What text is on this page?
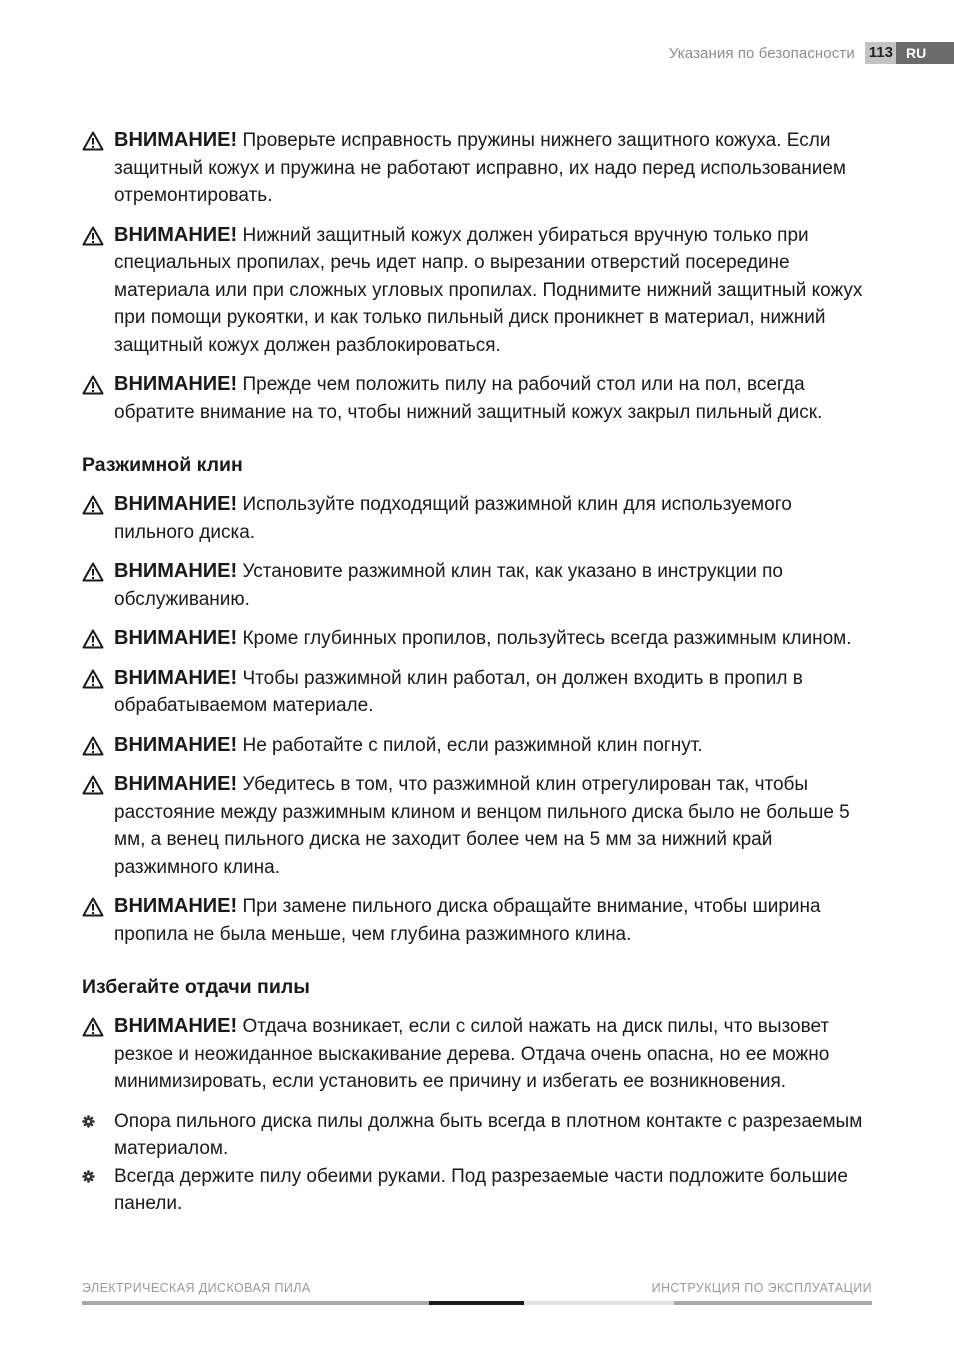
Указания по безопасности 113 RU
ВНИМАНИЕ! Проверьте исправность пружины нижнего защитного кожуха. Если защитный кожух и пружина не работают исправно, их надо перед использованием отремонтировать.
ВНИМАНИЕ! Нижний защитный кожух должен убираться вручную только при специальных пропилах, речь идет напр. о вырезании отверстий посередине материала или при сложных угловых пропилах. Поднимите нижний защитный кожух при помощи рукоятки, и как только пильный диск проникнет в материал, нижний защитный кожух должен разблокироваться.
ВНИМАНИЕ! Прежде чем положить пилу на рабочий стол или на пол, всегда обратите внимание на то, чтобы нижний защитный кожух закрыл пильный диск.
Разжимной клин
ВНИМАНИЕ! Используйте подходящий разжимной клин для используемого пильного диска.
ВНИМАНИЕ! Установите разжимной клин так, как указано в инструкции по обслуживанию.
ВНИМАНИЕ! Кроме глубинных пропилов, пользуйтесь всегда разжимным клином.
ВНИМАНИЕ! Чтобы разжимной клин работал, он должен входить в пропил в обрабатываемом материале.
ВНИМАНИЕ! Не работайте с пилой, если разжимной клин погнут.
ВНИМАНИЕ! Убедитесь в том, что разжимной клин отрегулирован так, чтобы расстояние между разжимным клином и венцом пильного диска было не больше 5 мм, а венец пильного диска не заходит более чем на 5 мм за нижний край разжимного клина.
ВНИМАНИЕ! При замене пильного диска обращайте внимание, чтобы ширина пропила не была меньше, чем глубина разжимного клина.
Избегайте отдачи пилы
ВНИМАНИЕ! Отдача возникает, если с силой нажать на диск пилы, что вызовет резкое и неожиданное выскакивание дерева. Отдача очень опасна, но ее можно минимизировать, если установить ее причину и избегать ее возникновения.
Опора пильного диска пилы должна быть всегда в плотном контакте с разрезаемым материалом.
Всегда держите пилу обеими руками. Под разрезаемые части подложите большие панели.
ЭЛЕКТРИЧЕСКАЯ ДИСКОВАЯ ПИЛА	ИНСТРУКЦИЯ ПО ЭКСПЛУАТАЦИИ
